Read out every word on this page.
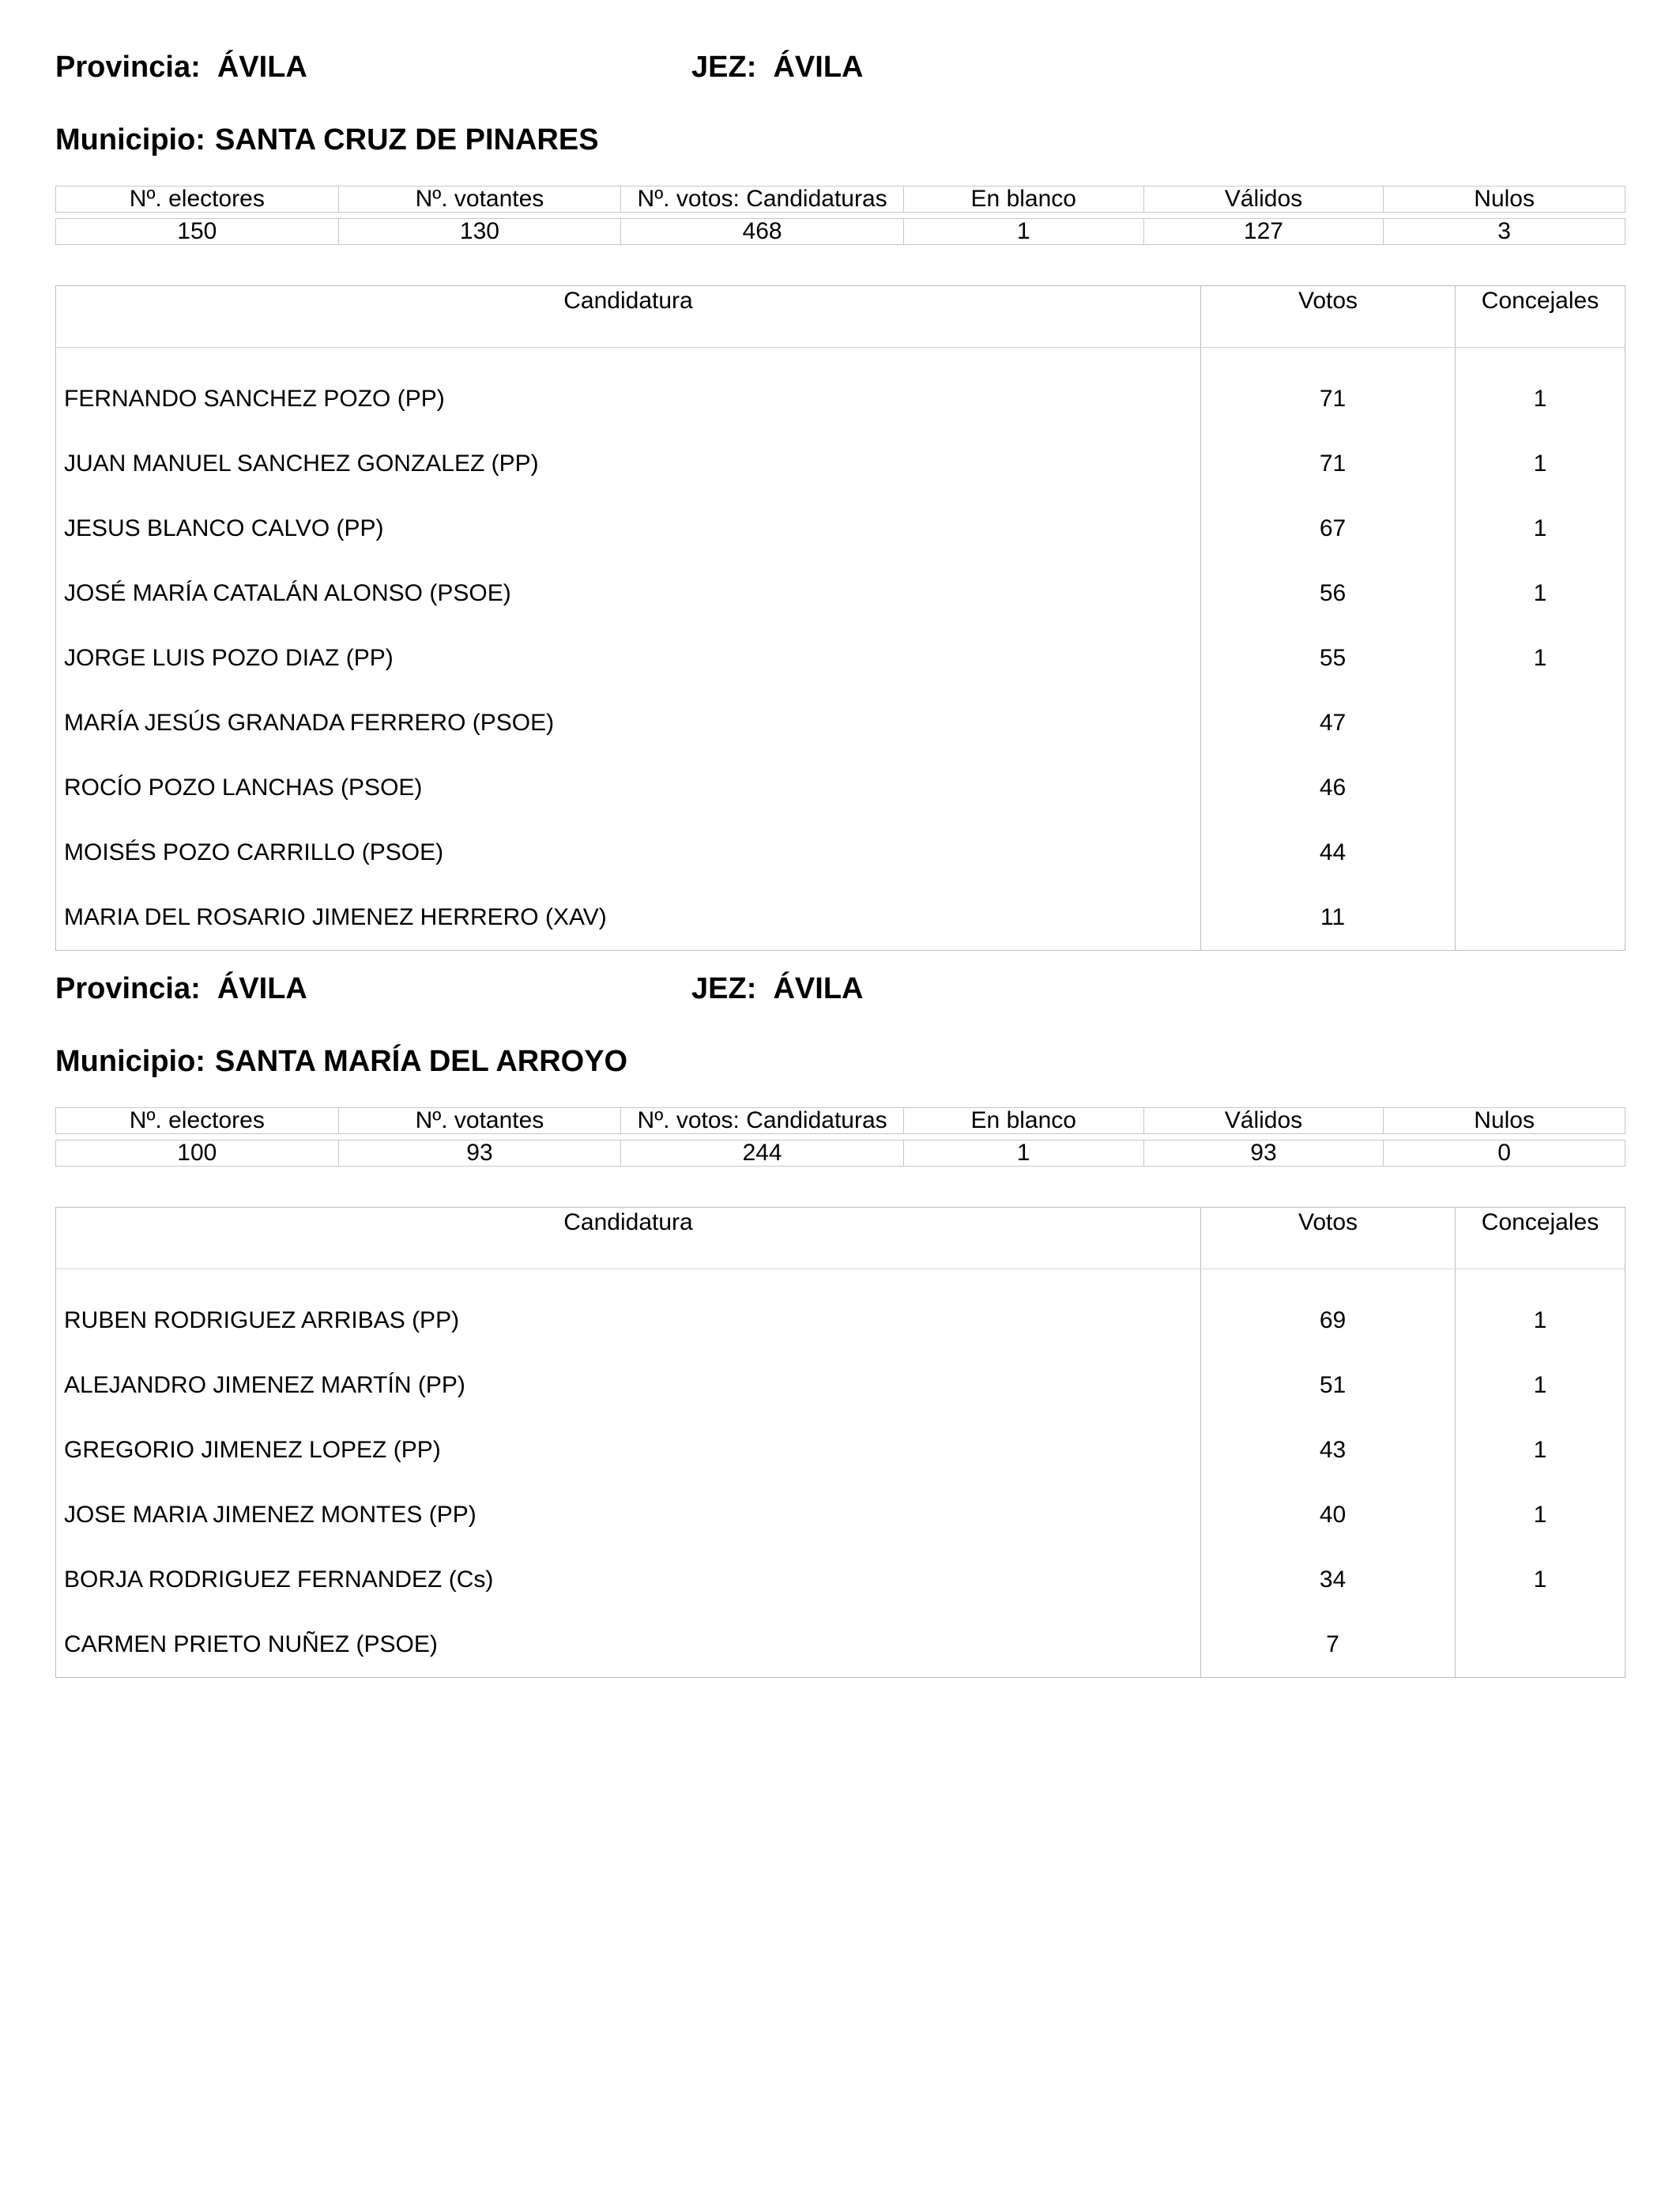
Provincia: ÁVILA	JEZ: ÁVILA
Municipio: SANTA CRUZ DE PINARES
Nº. electores	Nº. votantes	Nº. votos: Candidaturas	En blanco	Válidos	Nulos
150	130	468	1	127	3
Candidatura	Votos	Concejales
FERNANDO SANCHEZ POZO (PP)	71	1
JUAN MANUEL SANCHEZ GONZALEZ (PP)	71	1
JESUS BLANCO CALVO (PP)	67	1
JOSÉ MARÍA CATALÁN ALONSO (PSOE)	56	1
JORGE LUIS POZO DIAZ (PP)	55	1
MARÍA JESÚS GRANADA FERRERO (PSOE)	47
ROCÍO POZO LANCHAS (PSOE)	46
MOISÉS POZO CARRILLO (PSOE)	44
MARIA DEL ROSARIO JIMENEZ HERRERO (XAV)	11
Provincia: ÁVILA	JEZ: ÁVILA
Municipio: SANTA MARÍA DEL ARROYO
Nº. electores	Nº. votantes	Nº. votos: Candidaturas	En blanco	Válidos	Nulos
100	93	244	1	93	0
Candidatura	Votos	Concejales
RUBEN RODRIGUEZ ARRIBAS (PP)	69	1
ALEJANDRO JIMENEZ MARTÍN (PP)	51	1
GREGORIO JIMENEZ LOPEZ (PP)	43	1
JOSE MARIA JIMENEZ MONTES (PP)	40	1
BORJA RODRIGUEZ FERNANDEZ (Cs)	34	1
CARMEN PRIETO NUÑEZ (PSOE)	7
